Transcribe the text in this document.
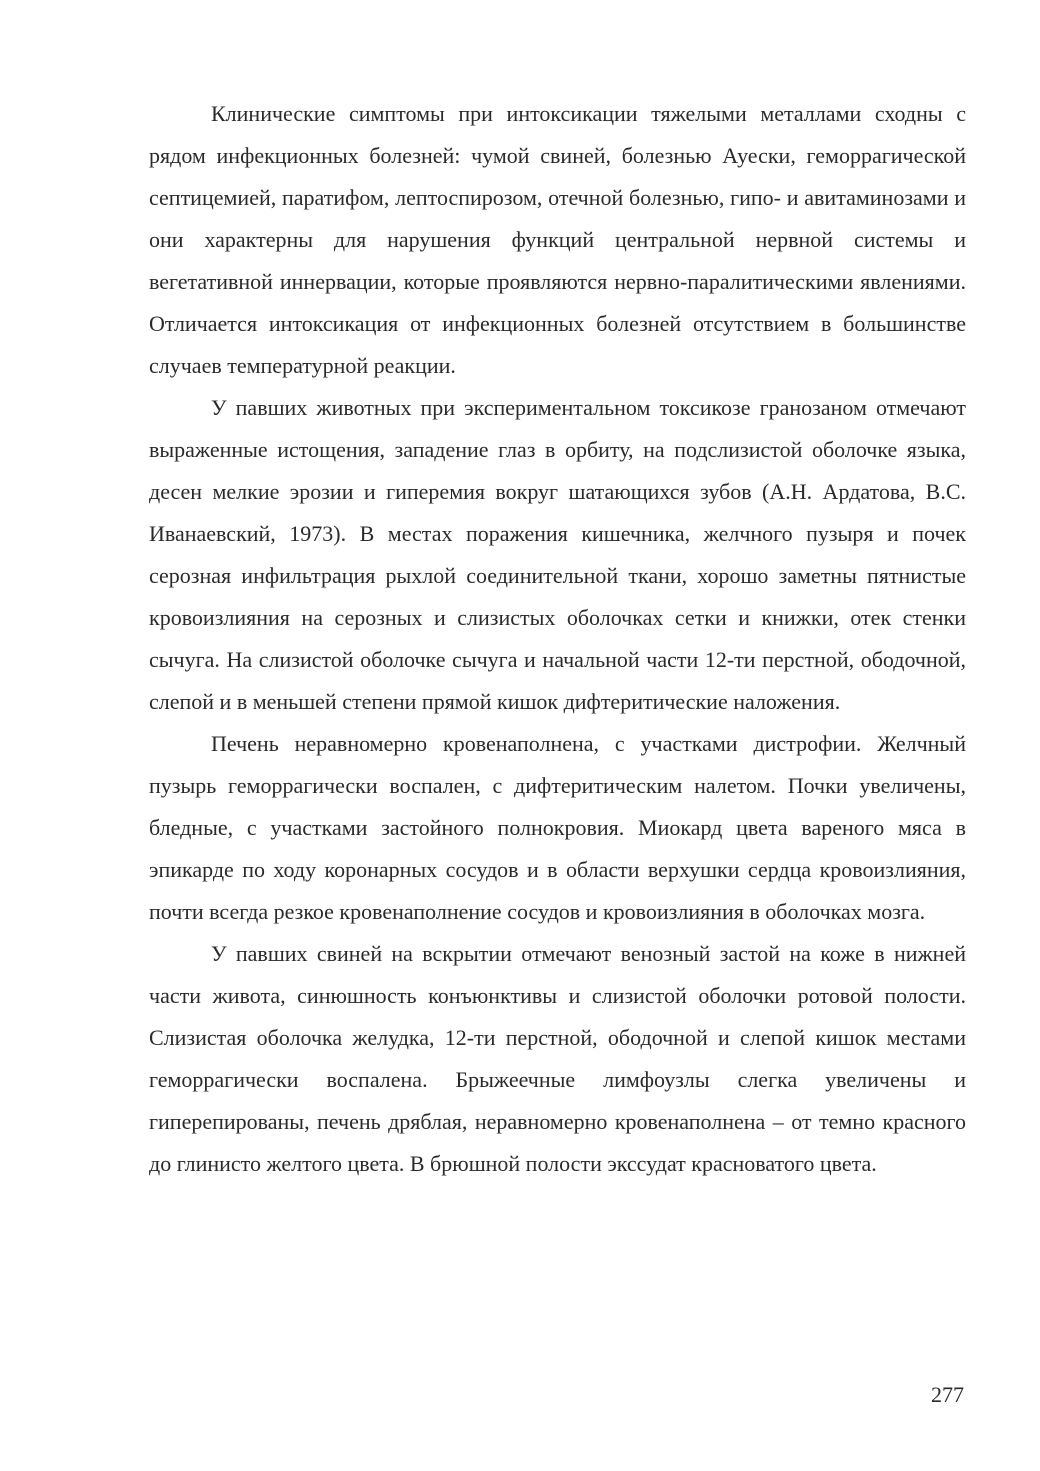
Клинические симптомы при интоксикации тяжелыми металлами сходны с рядом инфекционных болезней: чумой свиней, болезнью Ауески, геморрагической септицемией, паратифом, лептоспирозом, отечной болезнью, гипо- и авитаминозами и они характерны для нарушения функций центральной нервной системы и вегетативной иннервации, которые проявляются нервно-паралитическими явлениями. Отличается интоксикация от инфекционных болезней отсутствием в большинстве случаев температурной реакции.

У павших животных при экспериментальном токсикозе гранозаном отмечают выраженные истощения, западение глаз в орбиту, на подслизистой оболочке языка, десен мелкие эрозии и гиперемия вокруг шатающихся зубов (А.Н. Ардатова, В.С. Иванаевский, 1973). В местах поражения кишечника, желчного пузыря и почек серозная инфильтрация рыхлой соединительной ткани, хорошо заметны пятнистые кровоизлияния на серозных и слизистых оболочках сетки и книжки, отек стенки сычуга. На слизистой оболочке сычуга и начальной части 12-ти перстной, ободочной, слепой и в меньшей степени прямой кишок дифтеритические наложения.

Печень неравномерно кровенаполнена, с участками дистрофии. Желчный пузырь геморрагически воспален, с дифтеритическим налетом. Почки увеличены, бледные, с участками застойного полнокровия. Миокард цвета вареного мяса в эпикарде по ходу коронарных сосудов и в области верхушки сердца кровоизлияния, почти всегда резкое кровенаполнение сосудов и кровоизлияния в оболочках мозга.

У павших свиней на вскрытии отмечают венозный застой на коже в нижней части живота, синюшность конъюнктивы и слизистой оболочки ротовой полости. Слизистая оболочка желудка, 12-ти перстной, ободочной и слепой кишок местами геморрагически воспалена. Брыжеечные лимфоузлы слегка увеличены и гиперепированы, печень дряблая, неравномерно кровенаполнена – от темно красного до глинисто желтого цвета. В брюшной полости экссудат красноватого цвета.

277
